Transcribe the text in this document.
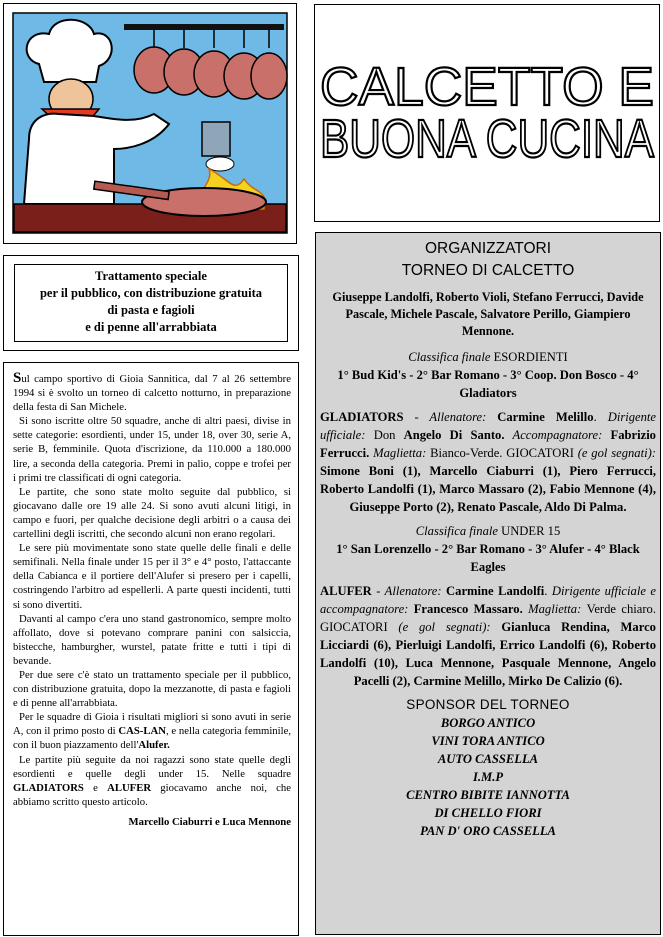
CALCETTO E
BUONA CUCINA
Trattamento speciale
per il pubblico, con distribuzione gratuita
di pasta e fagioli
e di penne all'arrabbiata

Sul campo sportivo di Gioia Sannitica, dal 7 al 26 settembre 1994 si è svolto un torneo di calcetto notturno, in preparazione della festa di San Michele.

Si sono iscritte oltre 50 squadre, anche di altri paesi, divise in sette categorie: esordienti, under 15, under 18, over 30, serie A, serie B, femminile. Quota d'iscrizione, da 110.000 a 180.000 lire, a seconda della categoria. Premi in palio, coppe e trofei per i primi tre classificati di ogni categoria.

Le partite, che sono state molto seguite dal pubblico, si giocavano dalle ore 19 alle 24. Si sono avuti alcuni litigi, in campo e fuori, per qualche decisione degli arbitri o a causa dei cartellini degli iscritti, che secondo alcuni non erano regolari.

Le sere più movimentate sono state quelle delle finali e delle semifinali. Nella finale under 15 per il 3° e 4° posto, l'attaccante della Cabianca e il portiere dell'Alufer si presero per i capelli, costringendo l'arbitro ad espellerli. A parte questi incidenti, tutti si sono divertiti.

Davanti al campo c'era uno stand gastronomico, sempre molto affollato, dove si potevano comprare panini con salsiccia, bistecche, hamburgher, wurstel, patate fritte e tutti i tipi di bevande.

Per due sere c'è stato un trattamento speciale per il pubblico, con distribuzione gratuita, dopo la mezzanotte, di pasta e fagioli e di penne all'arrabbiata.

Per le squadre di Gioia i risultati migliori si sono avuti in serie A, con il primo posto di CAS-LAN, e nella categoria femminile, con il buon piazzamento dell'Alufer.

Le partite più seguite da noi ragazzi sono state quelle degli esordienti e quelle degli under 15. Nelle squadre GLADIATORS e ALUFER giocavamo anche noi, che abbiamo scritto questo articolo.

Marcello Ciaburri e Luca Mennone

ORGANIZZATORI
TORNEO DI CALCETTO
Giuseppe Landolfi, Roberto Violi, Stefano Ferrucci, Davide Pascale, Michele Pascale, Salvatore Perillo, Giampiero Mennone.
Classifica finale ESORDIENTI
1° Bud Kid's - 2° Bar Romano - 3° Coop. Don Bosco - 4° Gladiators
GLADIATORS - Allenatore: Carmine Melillo. Dirigente ufficiale: Don Angelo Di Santo. Accompagnatore: Fabrizio Ferrucci. Maglietta: Bianco-Verde. GIOCATORI (e gol segnati): Simone Boni (1), Marcello Ciaburri (1), Piero Ferrucci, Roberto Landolfi (1), Marco Massaro (2), Fabio Mennone (4), Giuseppe Porto (2), Renato Pascale, Aldo Di Palma.
Classifica finale UNDER 15
1° San Lorenzello - 2° Bar Romano - 3° Alufer - 4° Black Eagles
ALUFER - Allenatore: Carmine Landolfi. Dirigente ufficiale e accompagnatore: Francesco Massaro. Maglietta: Verde chiaro. GIOCATORI (e gol segnati): Gianluca Rendina, Marco Licciardi (6), Pierluigi Landolfi, Errico Landolfi (6), Roberto Landolfi (10), Luca Mennone, Pasquale Mennone, Angelo Pacelli (2), Carmine Melillo, Mirko De Calizio (6).
SPONSOR DEL TORNEO
BORGO ANTICO
VINI TORA ANTICO
AUTO CASSELLA
I.M.P
CENTRO BIBITE IANNOTTA
DI CHELLO FIORI
PAN D' ORO CASSELLA
